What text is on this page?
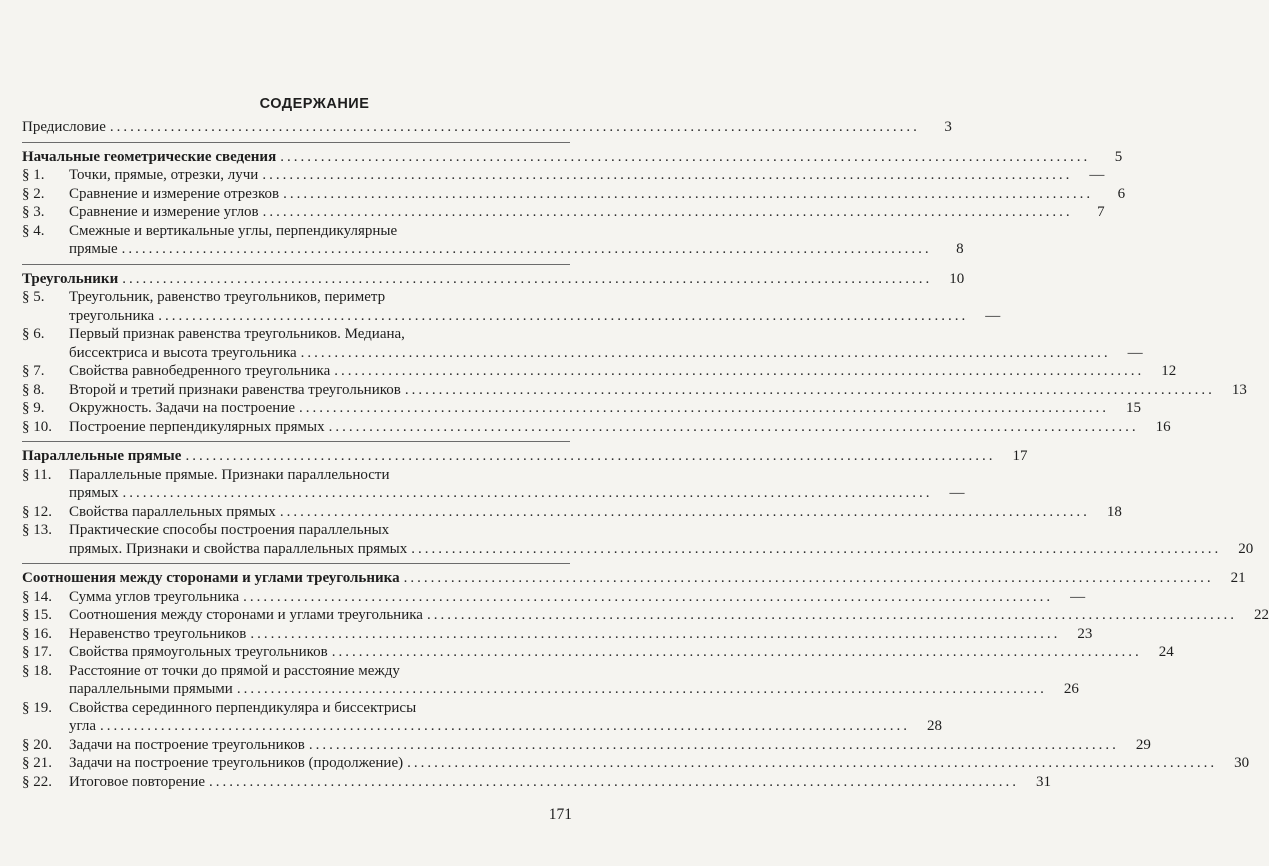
СОДЕРЖАНИЕ
Предисловие ........................................................................................................................	3
Начальные геометрические сведения ........................................................................................................................	5
§ 1.	Точки, прямые, отрезки, лучи ........................................................................................................................	—
§ 2.	Сравнение и измерение отрезков ........................................................................................................................	6
§ 3.	Сравнение и измерение углов ........................................................................................................................	7
§ 4.	Смежные и вертикальные углы, перпендикулярные
прямые ........................................................................................................................	8
Треугольники ........................................................................................................................	10
§ 5.	Треугольник, равенство треугольников, периметр
треугольника ........................................................................................................................	—
§ 6.	Первый признак равенства треугольников. Медиана,
биссектриса и высота треугольника ........................................................................................................................	—
§ 7.	Свойства равнобедренного треугольника ........................................................................................................................	12
§ 8.	Второй и третий признаки равенства треугольников ........................................................................................................................	13
§ 9.	Окружность. Задачи на построение ........................................................................................................................	15
§ 10.	Построение перпендикулярных прямых ........................................................................................................................	16
Параллельные прямые ........................................................................................................................	17
§ 11.	Параллельные прямые. Признаки параллельности
прямых ........................................................................................................................	—
§ 12.	Свойства параллельных прямых ........................................................................................................................	18
§ 13.	Практические способы построения параллельных
прямых. Признаки и свойства параллельных прямых ........................................................................................................................	20
Соотношения между сторонами и углами треугольника ........................................................................................................................	21
§ 14.	Сумма углов треугольника ........................................................................................................................	—
§ 15.	Соотношения между сторонами и углами треугольника ........................................................................................................................	22
§ 16.	Неравенство треугольников ........................................................................................................................	23
§ 17.	Свойства прямоугольных треугольников ........................................................................................................................	24
§ 18.	Расстояние от точки до прямой и расстояние между
параллельными прямыми ........................................................................................................................	26
§ 19.	Свойства серединного перпендикуляра и биссектрисы
угла ........................................................................................................................	28
§ 20.	Задачи на построение треугольников ........................................................................................................................	29
§ 21.	Задачи на построение треугольников (продолжение) ........................................................................................................................	30
§ 22.	Итоговое повторение ........................................................................................................................	31
171
